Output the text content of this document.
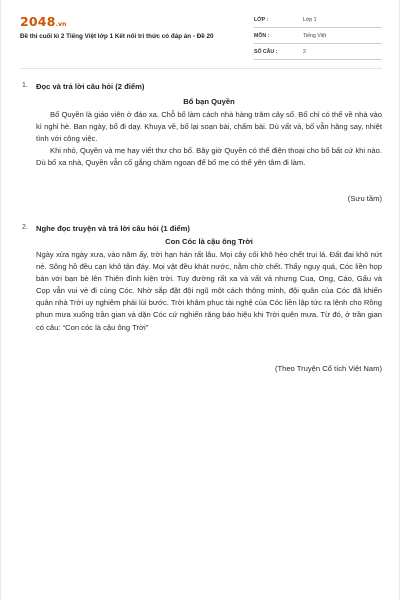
2048.vn
Đề thi cuối kì 2 Tiếng Việt lớp 1 Kết nối tri thức có đáp án - Đề 20
LỚP :	Lớp 1
MÔN :	Tiếng Việt
SỐ CÂU :	2
1. Đọc và trả lời câu hỏi (2 điểm)
Bố bạn Quyền

Bố Quyền là giáo viên ở đảo xa. Chỗ bố làm cách nhà hàng trăm cây số. Bố chỉ có thể về nhà vào kì nghỉ hè. Ban ngày, bố đi dạy. Khuya về, bố lại soạn bài, chấm bài. Dù vất vả, bố vẫn hăng say, nhiệt tình với công việc.

Khi nhỏ, Quyền và mẹ hay viết thư cho bố. Bây giờ Quyền có thể điện thoại cho bố bất cứ khi nào. Dù bố xa nhà, Quyền vẫn cố gắng chăm ngoan để bố mẹ có thể yên tâm đi làm.

(Sưu tầm)
2. Nghe đọc truyện và trả lời câu hỏi (1 điểm)
Con Cóc là cậu ông Trời

Ngày xửa ngày xưa, vào năm ấy, trời hạn hán rất lâu. Mọi cây cối khô héo chết trụi lá. Đất đai khô nứt nẻ. Sông hồ đều cạn khô tận đáy. Mọi vật đều khát nước, nằm chờ chết. Thấy nguy quá, Cóc liền họp bàn với bạn bè lên Thiên đình kiện trời. Tuy đường rất xa và vất vả nhưng Cua, Ong, Cáo, Gấu và Cọp vẫn vui vẻ đi cùng Cóc. Nhờ sắp đặt đội ngũ một cách thông minh, đội quân của Cóc đã khiến quân nhà Trời uy nghiêm phải lùi bước. Trời khâm phục tài nghệ của Cóc liền lập tức ra lệnh cho Rồng phun mưa xuống trần gian và dặn Cóc cứ nghiến răng báo hiệu khi Trời quên mưa. Từ đó, ở trần gian có câu: “Con cóc là cậu ông Trời”

(Theo Truyện Cổ tích Việt Nam)
